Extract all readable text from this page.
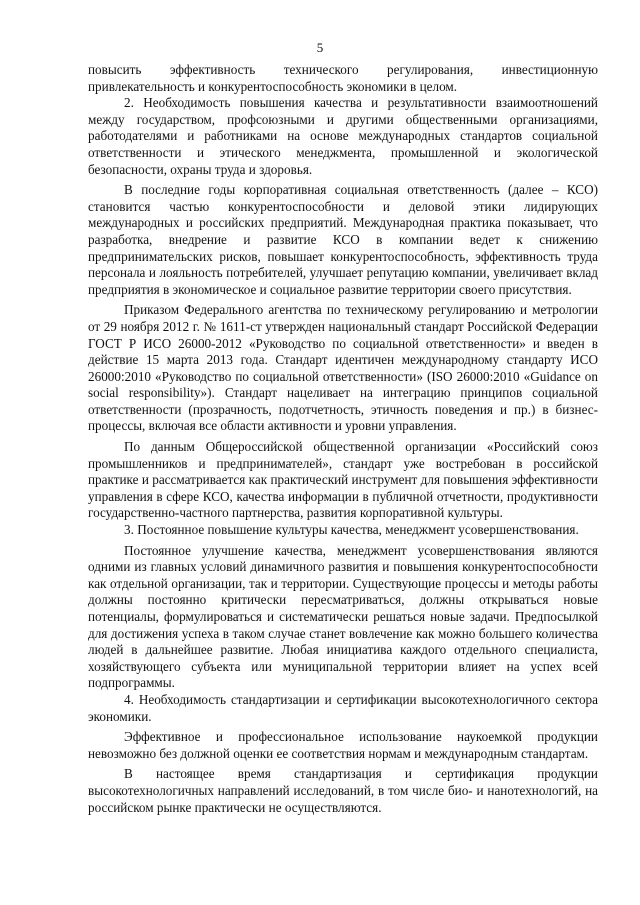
5

повысить эффективность технического регулирования, инвестиционную привлекательность и конкурентоспособность экономики в целом.

2. Необходимость повышения качества и результативности взаимоотношений между государством, профсоюзными и другими общественными организациями, работодателями и работниками на основе международных стандартов социальной ответственности и этического менеджмента, промышленной и экологической безопасности, охраны труда и здоровья.

В последние годы корпоративная социальная ответственность (далее – КСО) становится частью конкурентоспособности и деловой этики лидирующих международных и российских предприятий. Международная практика показывает, что разработка, внедрение и развитие КСО в компании ведет к снижению предпринимательских рисков, повышает конкурентоспособность, эффективность труда персонала и лояльность потребителей, улучшает репутацию компании, увеличивает вклад предприятия в экономическое и социальное развитие территории своего присутствия.

Приказом Федерального агентства по техническому регулированию и метрологии от 29 ноября 2012 г. № 1611-ст утвержден национальный стандарт Российской Федерации ГОСТ Р ИСО 26000-2012 «Руководство по социальной ответственности» и введен в действие 15 марта 2013 года. Стандарт идентичен международному стандарту ИСО 26000:2010 «Руководство по социальной ответственности» (ISO 26000:2010 «Guidance on social responsibility»). Стандарт нацеливает на интеграцию принципов социальной ответственности (прозрачность, подотчетность, этичность поведения и пр.) в бизнес-процессы, включая все области активности и уровни управления.

По данным Общероссийской общественной организации «Российский союз промышленников и предпринимателей», стандарт уже востребован в российской практике и рассматривается как практический инструмент для повышения эффективности управления в сфере КСО, качества информации в публичной отчетности, продуктивности государственно-частного партнерства, развития корпоративной культуры.

3. Постоянное повышение культуры качества, менеджмент усовершенствования.

Постоянное улучшение качества, менеджмент усовершенствования являются одними из главных условий динамичного развития и повышения конкурентоспособности как отдельной организации, так и территории. Существующие процессы и методы работы должны постоянно критически пересматриваться, должны открываться новые потенциалы, формулироваться и систематически решаться новые задачи. Предпосылкой для достижения успеха в таком случае станет вовлечение как можно большего количества людей в дальнейшее развитие. Любая инициатива каждого отдельного специалиста, хозяйствующего субъекта или муниципальной территории влияет на успех всей подпрограммы.

4. Необходимость стандартизации и сертификации высокотехнологичного сектора экономики.

Эффективное и профессиональное использование наукоемкой продукции невозможно без должной оценки ее соответствия нормам и международным стандартам.

В настоящее время стандартизация и сертификация продукции высокотехнологичных направлений исследований, в том числе био- и нанотехнологий, на российском рынке практически не осуществляются.
